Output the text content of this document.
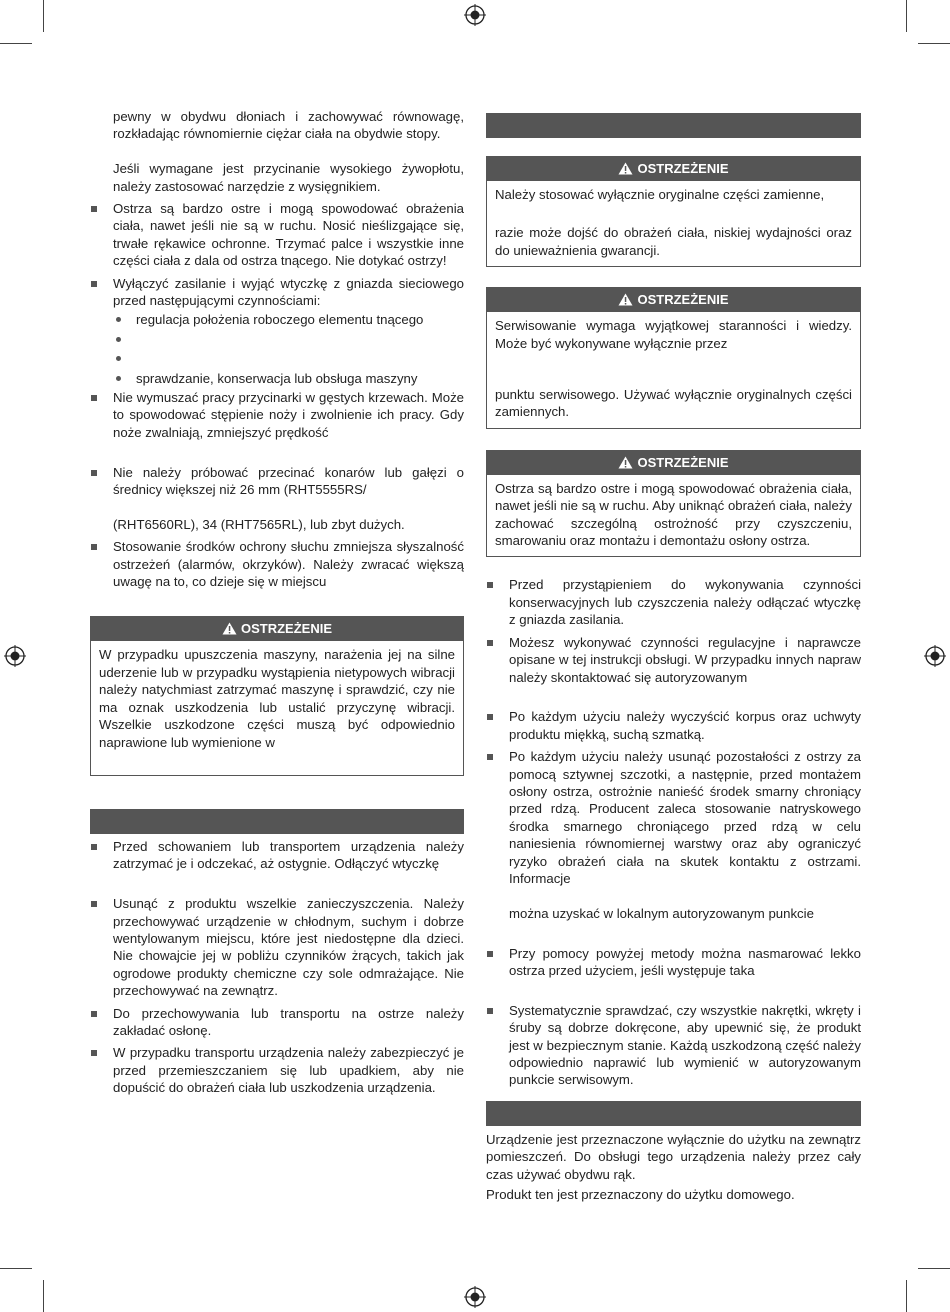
pewny w obydwu dłoniach i zachowywać równowagę, rozkładając równomiernie ciężar ciała na obydwie stopy.

Jeśli wymagane jest przycinanie wysokiego żywopłotu, należy zastosować narzędzie z wysięgnikiem.

Ostrza są bardzo ostre i mogą spowodować obrażenia ciała, nawet jeśli nie są w ruchu. Nosić nieślizgające się, trwałe rękawice ochronne. Trzymać palce i wszystkie inne części ciała z dala od ostrza tnącego. Nie dotykać ostrzy!
Wyłączyć zasilanie i wyjąć wtyczkę z gniazda sieciowego przed następującymi czynnościami:
regulacja położenia roboczego elementu tnącego
sprawdzanie, konserwacja lub obsługa maszyny
Nie wymuszać pracy przycinarki w gęstych krzewach. Może to spowodować stępienie noży i zwolnienie ich pracy. Gdy noże zwalniają, zmniejszyć prędkość
Nie należy próbować przecinać konarów lub gałęzi o średnicy większej niż 26 mm (RHT5555RS/
(RHT6560RL), 34 (RHT7565RL), lub zbyt dużych.
Stosowanie środków ochrony słuchu zmniejsza słyszalność ostrzeżeń (alarmów, okrzyków). Należy zwracać większą uwagę na to, co dzieje się w miejscu
OSTRZEŻENIE
W przypadku upuszczenia maszyny, narażenia jej na silne uderzenie lub w przypadku wystąpienia nietypowych wibracji należy natychmiast zatrzymać maszynę i sprawdzić, czy nie ma oznak uszkodzenia lub ustalić przyczynę wibracji. Wszelkie uszkodzone części muszą być odpowiednio naprawione lub wymienione w
Przed schowaniem lub transportem urządzenia należy zatrzymać je i odczekać, aż ostygnie. Odłączyć wtyczkę
Usunąć z produktu wszelkie zanieczyszczenia. Należy przechowywać urządzenie w chłodnym, suchym i dobrze wentylowanym miejscu, które jest niedostępne dla dzieci. Nie chowajcie jej w pobliżu czynników żrących, takich jak ogrodowe produkty chemiczne czy sole odmrażające. Nie przechowywać na zewnątrz.
Do przechowywania lub transportu na ostrze należy zakładać osłonę.
W przypadku transportu urządzenia należy zabezpieczyć je przed przemieszczaniem się lub upadkiem, aby nie dopuścić do obrażeń ciała lub uszkodzenia urządzenia.
OSTRZEŻENIE
Należy stosować wyłącznie oryginalne części zamienne,
razie może dojść do obrażeń ciała, niskiej wydajności oraz do unieważnienia gwarancji.
OSTRZEŻENIE
Serwisowanie wymaga wyjątkowej staranności i wiedzy. Może być wykonywane wyłącznie przez
punktu serwisowego. Używać wyłącznie oryginalnych części zamiennych.
OSTRZEŻENIE
Ostrza są bardzo ostre i mogą spowodować obrażenia ciała, nawet jeśli nie są w ruchu. Aby uniknąć obrażeń ciała, należy zachować szczególną ostrożność przy czyszczeniu, smarowaniu oraz montażu i demontażu osłony ostrza.
Przed przystąpieniem do wykonywania czynności konserwacyjnych lub czyszczenia należy odłączać wtyczkę z gniazda zasilania.
Możesz wykonywać czynności regulacyjne i naprawcze opisane w tej instrukcji obsługi. W przypadku innych napraw należy skontaktować się autoryzowanym
Po każdym użyciu należy wyczyścić korpus oraz uchwyty produktu miękką, suchą szmatką.
Po każdym użyciu należy usunąć pozostałości z ostrzy za pomocą sztywnej szczotki, a następnie, przed montażem osłony ostrza, ostrożnie nanieść środek smarny chroniący przed rdzą. Producent zaleca stosowanie natryskowego środka smarnego chroniącego przed rdzą w celu naniesienia równomiernej warstwy oraz aby ograniczyć ryzyko obrażeń ciała na skutek kontaktu z ostrzami. Informacje
można uzyskać w lokalnym autoryzowanym punkcie
Przy pomocy powyżej metody można nasmarować lekko ostrza przed użyciem, jeśli występuje taka
Systematycznie sprawdzać, czy wszystkie nakrętki, wkręty i śruby są dobrze dokręcone, aby upewnić się, że produkt jest w bezpiecznym stanie. Każdą uszkodzoną część należy odpowiednio naprawić lub wymienić w autoryzowanym punkcie serwisowym.

Urządzenie jest przeznaczone wyłącznie do użytku na zewnątrz pomieszczeń. Do obsługi tego urządzenia należy przez cały czas używać obydwu rąk.

Produkt ten jest przeznaczony do użytku domowego.
